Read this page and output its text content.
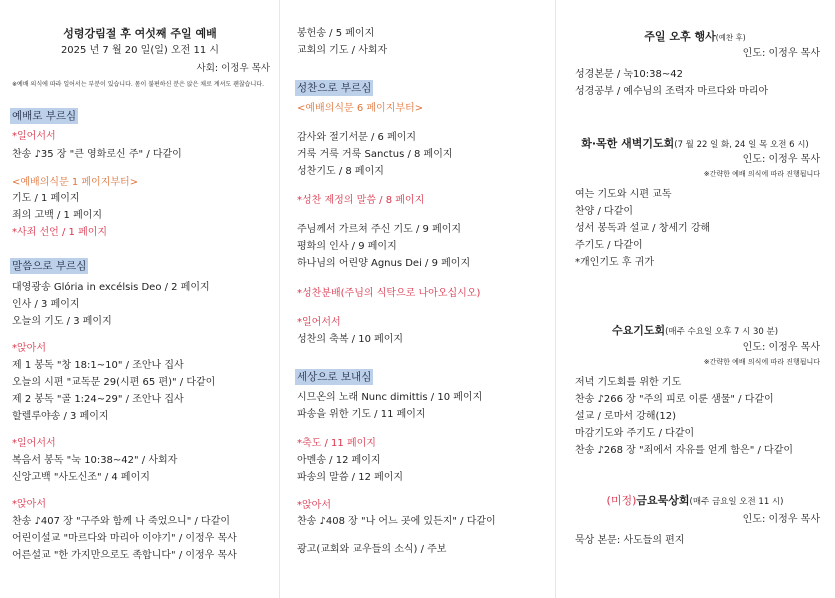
성령강림절 후 여섯째 주일 예배
2025 년 7 월 20 일(일) 오전 11 시
사회: 이정우 목사
※예배 의식에 따라 일어서는 부분이 있습니다. 몸이 불편하신 분은 앉은 채로 계셔도 괜찮습니다.
예배로 부르심
*일어서서
찬송 ♪35 장 "큰 영화로신 주" / 다같이
<예배의식문 1 페이지부터>
기도 / 1 페이지
죄의 고백 / 1 페이지
*사죄 선언 / 1 페이지
말씀으로 부르심
대영광송 Glória in excélsis Deo / 2 페이지
인사 / 3 페이지
오늘의 기도 / 3 페이지
*앉아서
제 1 봉독 "창 18:1~10" / 조안나 집사
오늘의 시편 "교독문 29(시편 65 편)" / 다같이
제 2 봉독 "골 1:24~29" / 조안나 집사
할렐루야송 / 3 페이지
*일어서서
복음서 봉독 "눅 10:38~42" / 사회자
신앙고백 "사도신조" / 4 페이지
*앉아서
찬송 ♪407 장 "구주와 함께 나 죽었으니" / 다같이
어린이설교 "마르다와 마리아 이야기" / 이정우 목사
어른설교 "한 가지만으로도 족합니다" / 이정우 목사
봉헌송 / 5 페이지
교회의 기도 / 사회자
성찬으로 부르심
<예배의식문 6 페이지부터>
감사와 절기서문 / 6 페이지
거룩 거룩 거룩 Sanctus / 8 페이지
성찬기도 / 8 페이지
*성찬 제정의 말씀 / 8 페이지
주님께서 가르쳐 주신 기도 / 9 페이지
평화의 인사 / 9 페이지
하나님의 어린양 Agnus Dei / 9 페이지
*성찬분배(주님의 식탁으로 나아오십시오)
*일어서서
성찬의 축복 / 10 페이지
세상으로 보내심
시므온의 노래 Nunc dimittis / 10 페이지
파송을 위한 기도 / 11 페이지
*축도 / 11 페이지
아멘송 / 12 페이지
파송의 말씀 / 12 페이지
*앉아서
찬송 ♪408 장 "나 어느 곳에 있든지" / 다같이
광고(교회와 교우들의 소식) / 주보
주일 오후 행사(예찬 후)
인도: 이정우 목사
성경본문 / 눅10:38~42
성경공부 / 예수님의 조력자 마르다와 마리아
화·목한 새벽기도회(7 월 22 일 화, 24 일 목 오전 6 시)
인도: 이정우 목사
※간략한 예배 의식에 따라 진행됩니다
여는 기도와 시편 교독
찬양 / 다같이
성서 봉독과 설교 / 창세기 강해
주기도 / 다같이
*개인기도 후 귀가
수요기도회(매주 수요일 오후 7 시 30 분)
인도: 이정우 목사
※간략한 예배 의식에 따라 진행됩니다
저녁 기도회를 위한 기도
찬송 ♪266 장 "주의 피로 이룬 샘물" / 다같이
설교 / 로마서 강해(12)
마감기도와 주기도 / 다같이
찬송 ♪268 장 "죄에서 자유를 얻게 함은" / 다같이
(미정)금요묵상회(매주 금요일 오전 11 시)
인도: 이정우 목사
묵상 본문: 사도들의 편지
